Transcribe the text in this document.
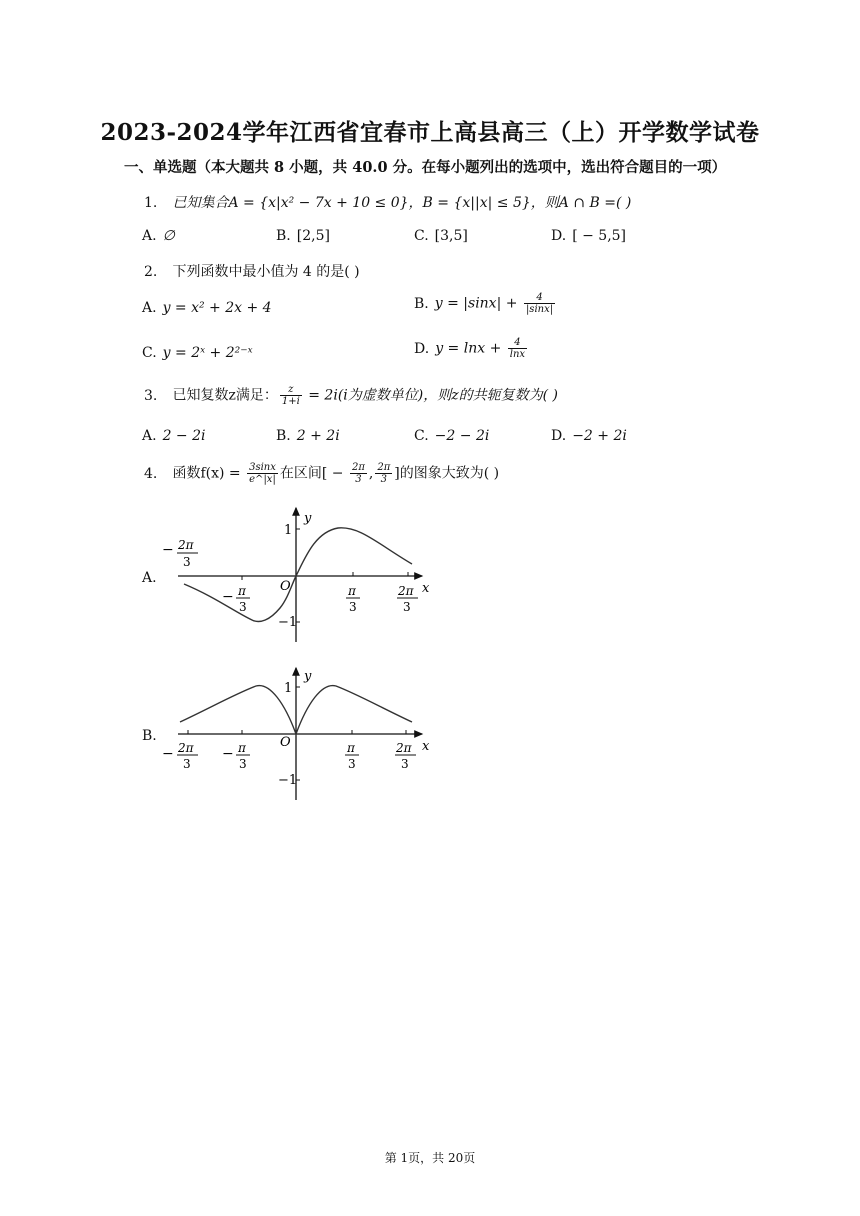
2023-2024学年江西省宜春市上高县高三（上）开学数学试卷
一、单选题（本大题共 8 小题，共 40.0 分。在每小题列出的选项中，选出符合题目的一项）
1. 已知集合A = {x|x² − 7x + 10 ≤ 0}，B = {x||x| ≤ 5}，则A ∩ B =( )
A. ∅	B. [2,5]	C. [3,5]	D. [ − 5,5]
2. 下列函数中最小值为 4 的是( )
A. y = x² + 2x + 4	B. $y = |\sin x| + \frac{4}{|\sin x|}$
C. y = 2ˣ + 2²⁻ˣ	D. $y = \ln x + \frac{4}{\ln x}$
3. 已知复数z满足： $\frac{z}{1+i} = 2i(i$为虚数单位)，则z的共轭复数为( )
A. 2 − 2i	B. 2 + 2i	C. −2 − 2i	D. −2 + 2i
4. 函数$f(x) = \frac{3\sin x}{e\^{}|x|}$ 在区间[ − $\frac{2\pi}{3}$ , $\frac{2\pi}{3}$ ]的图象大致为( )
A.
y
x
O
1
−1
− 2π
3
− π
3
π
3
2π
3
B.
y
x
O
1
−1
− 2π
3
− π
3
π
3
2π
3
第 1页，共 20页
